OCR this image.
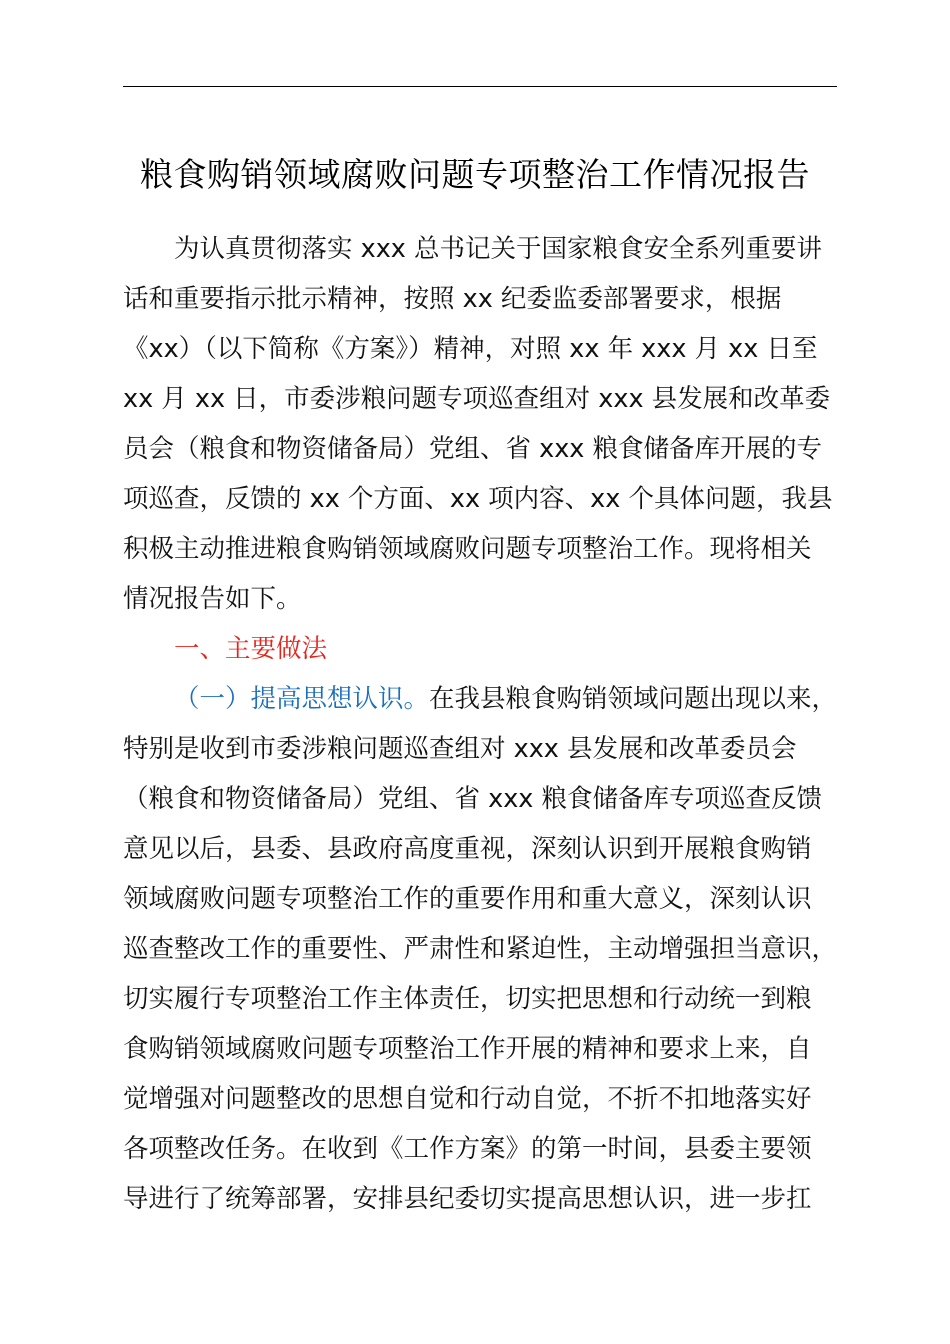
粮食购销领域腐败问题专项整治工作情况报告
为认真贯彻落实 xxx 总书记关于国家粮食安全系列重要讲
话和重要指示批示精神，按照 xx 纪委监委部署要求，根据
《xx）（以下简称《方案》）精神，对照 xx 年 xxx 月 xx 日至
xx 月 xx 日，市委涉粮问题专项巡查组对 xxx 县发展和改革委
员会（粮食和物资储备局）党组、省 xxx 粮食储备库开展的专
项巡查，反馈的 xx 个方面、xx 项内容、xx 个具体问题，我县
积极主动推进粮食购销领域腐败问题专项整治工作。现将相关
情况报告如下。
一、主要做法
（一）提高思想认识。在我县粮食购销领域问题出现以来，
特别是收到市委涉粮问题巡查组对 xxx 县发展和改革委员会
（粮食和物资储备局）党组、省 xxx 粮食储备库专项巡查反馈
意见以后，县委、县政府高度重视，深刻认识到开展粮食购销
领域腐败问题专项整治工作的重要作用和重大意义，深刻认识
巡查整改工作的重要性、严肃性和紧迫性，主动增强担当意识，
切实履行专项整治工作主体责任，切实把思想和行动统一到粮
食购销领域腐败问题专项整治工作开展的精神和要求上来，自
觉增强对问题整改的思想自觉和行动自觉，不折不扣地落实好
各项整改任务。在收到《工作方案》的第一时间，县委主要领
导进行了统筹部署，安排县纪委切实提高思想认识，进一步扛
